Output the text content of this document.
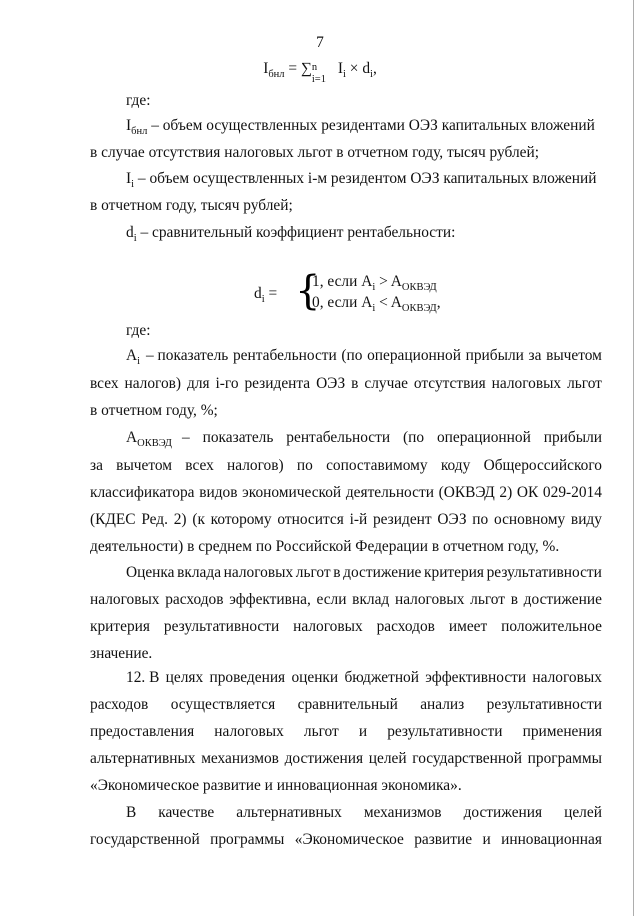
7
$I_{бнл}$ = ∑ n
i=1
$I_i \times d_i$,
где:
$I_{бнл}$ – объем осуществленных резидентами ОЭЗ капитальных вложений
в случае отсутствия налоговых льгот в отчетном году, тысяч рублей;
$I_i$ – объем осуществленных i-м резидентом ОЭЗ капитальных вложений
в отчетном году, тысяч рублей;
$d_i$ – сравнительный коэффициент рентабельности:
$d_i$ = {
1, если $A_i > A_{ОКВЭД}$
0, если $A_i < A_{ОКВЭД}$,
где:
$A_i$ – показатель рентабельности (по операционной прибыли за вычетом
всех налогов) для i-го резидента ОЭЗ в случае отсутствия налоговых льгот
в отчетном году, %;
$A_{ОКВЭД}$ – показатель рентабельности (по операционной прибыли
за вычетом всех налогов) по сопоставимому коду Общероссийского
классификатора видов экономической деятельности (ОКВЭД 2) ОК 029-2014
(КДЕС Ред. 2) (к которому относится i-й резидент ОЭЗ по основному виду
деятельности) в среднем по Российской Федерации в отчетном году, %.
Оценка вклада налоговых льгот в достижение критерия результативности
налоговых расходов эффективна, если вклад налоговых льгот в достижение
критерия результативности налоговых расходов имеет положительное
значение.
12. В целях проведения оценки бюджетной эффективности налоговых
расходов осуществляется сравнительный анализ результативности
предоставления налоговых льгот и результативности применения
альтернативных механизмов достижения целей государственной программы
«Экономическое развитие и инновационная экономика».
В качестве альтернативных механизмов достижения целей
государственной программы «Экономическое развитие и инновационная
